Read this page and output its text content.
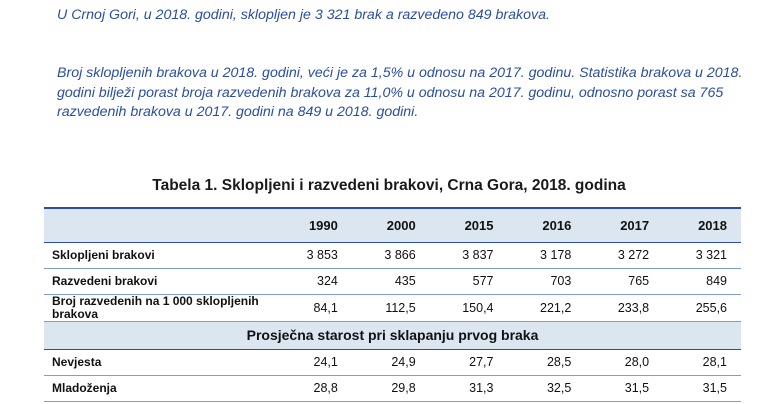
U Crnoj Gori, u 2018. godini, sklopljen je 3 321 brak a razvedeno 849 brakova.

Broj sklopljenih brakova u 2018. godini, veći je za 1,5% u odnosu na 2017. godinu. Statistika brakova u 2018. godini bilježi porast broja razvedenih brakova za 11,0% u odnosu na 2017. godinu, odnosno porast sa 765 razvedenih brakova u 2017. godini na 849 u 2018. godini.

Tabela 1. Sklopljeni i razvedeni brakovi, Crna Gora, 2018. godina
	1990	2000	2015	2016	2017	2018
Sklopljeni brakovi	3 853	3 866	3 837	3 178	3 272	3 321
Razvedeni brakovi	324	435	577	703	765	849
Broj razvedenih na 1 000 sklopljenih brakova	84,1	112,5	150,4	221,2	233,8	255,6
Prosječna starost pri sklapanju prvog braka						
Nevjesta	24,1	24,9	27,7	28,5	28,0	28,1
Mladoženja	28,8	29,8	31,3	32,5	31,5	31,5
